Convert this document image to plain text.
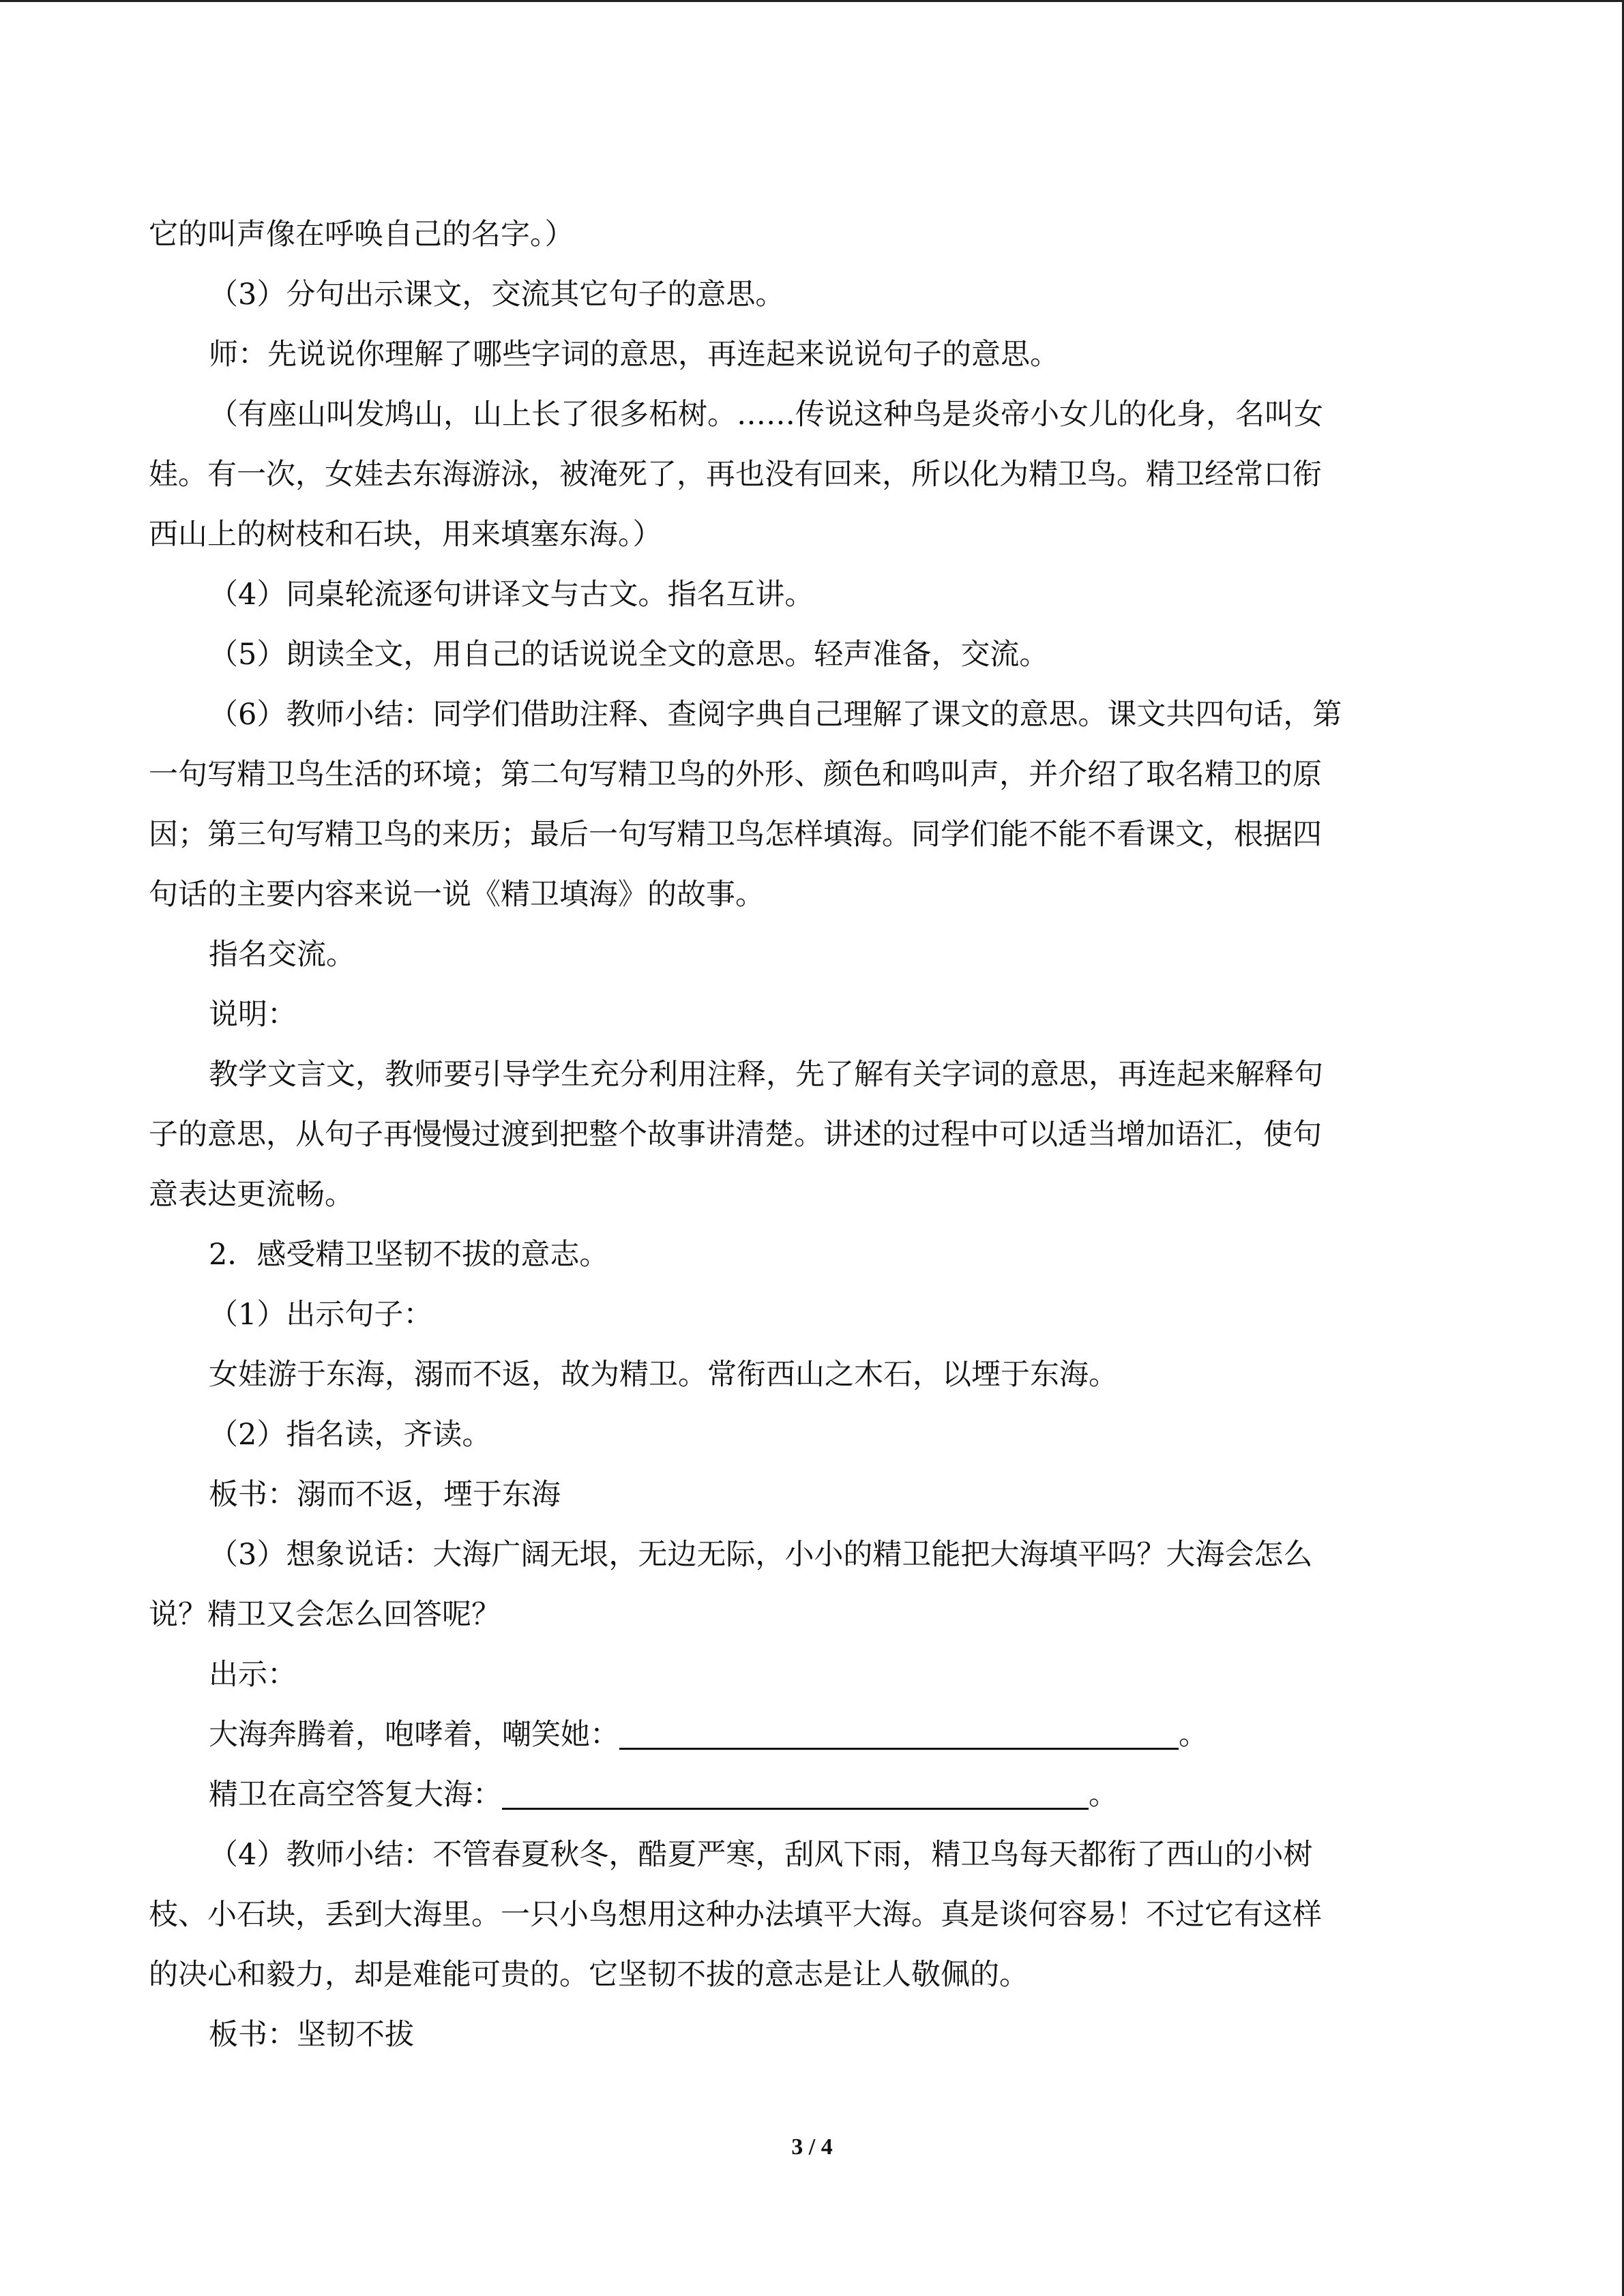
它的叫声像在呼唤自己的名字。）
（3）分句出示课文，交流其它句子的意思。
师：先说说你理解了哪些字词的意思，再连起来说说句子的意思。
（有座山叫发鸠山，山上长了很多柘树。……传说这种鸟是炎帝小女儿的化身，名叫女
娃。有一次，女娃去东海游泳，被淹死了，再也没有回来，所以化为精卫鸟。精卫经常口衔
西山上的树枝和石块，用来填塞东海。）
（4）同桌轮流逐句讲译文与古文。指名互讲。
（5）朗读全文，用自己的话说说全文的意思。轻声准备，交流。
（6）教师小结：同学们借助注释、查阅字典自己理解了课文的意思。课文共四句话，第
一句写精卫鸟生活的环境；第二句写精卫鸟的外形、颜色和鸣叫声，并介绍了取名精卫的原
因；第三句写精卫鸟的来历；最后一句写精卫鸟怎样填海。同学们能不能不看课文，根据四
句话的主要内容来说一说《精卫填海》的故事。
指名交流。
说明：
教学文言文，教师要引导学生充分利用注释，先了解有关字词的意思，再连起来解释句
子的意思，从句子再慢慢过渡到把整个故事讲清楚。讲述的过程中可以适当增加语汇，使句
意表达更流畅。
2．感受精卫坚韧不拔的意志。
（1）出示句子：
女娃游于东海，溺而不返，故为精卫。常衔西山之木石，以堙于东海。
（2）指名读，齐读。
板书：溺而不返，堙于东海
（3）想象说话：大海广阔无垠，无边无际，小小的精卫能把大海填平吗？大海会怎么
说？精卫又会怎么回答呢？
出示：
大海奔腾着，咆哮着，嘲笑她：	。
精卫在高空答复大海：	。
（4）教师小结：不管春夏秋冬，酷夏严寒，刮风下雨，精卫鸟每天都衔了西山的小树
枝、小石块，丢到大海里。一只小鸟想用这种办法填平大海。真是谈何容易！不过它有这样
的决心和毅力，却是难能可贵的。它坚韧不拔的意志是让人敬佩的。
板书：坚韧不拔
3 / 4
